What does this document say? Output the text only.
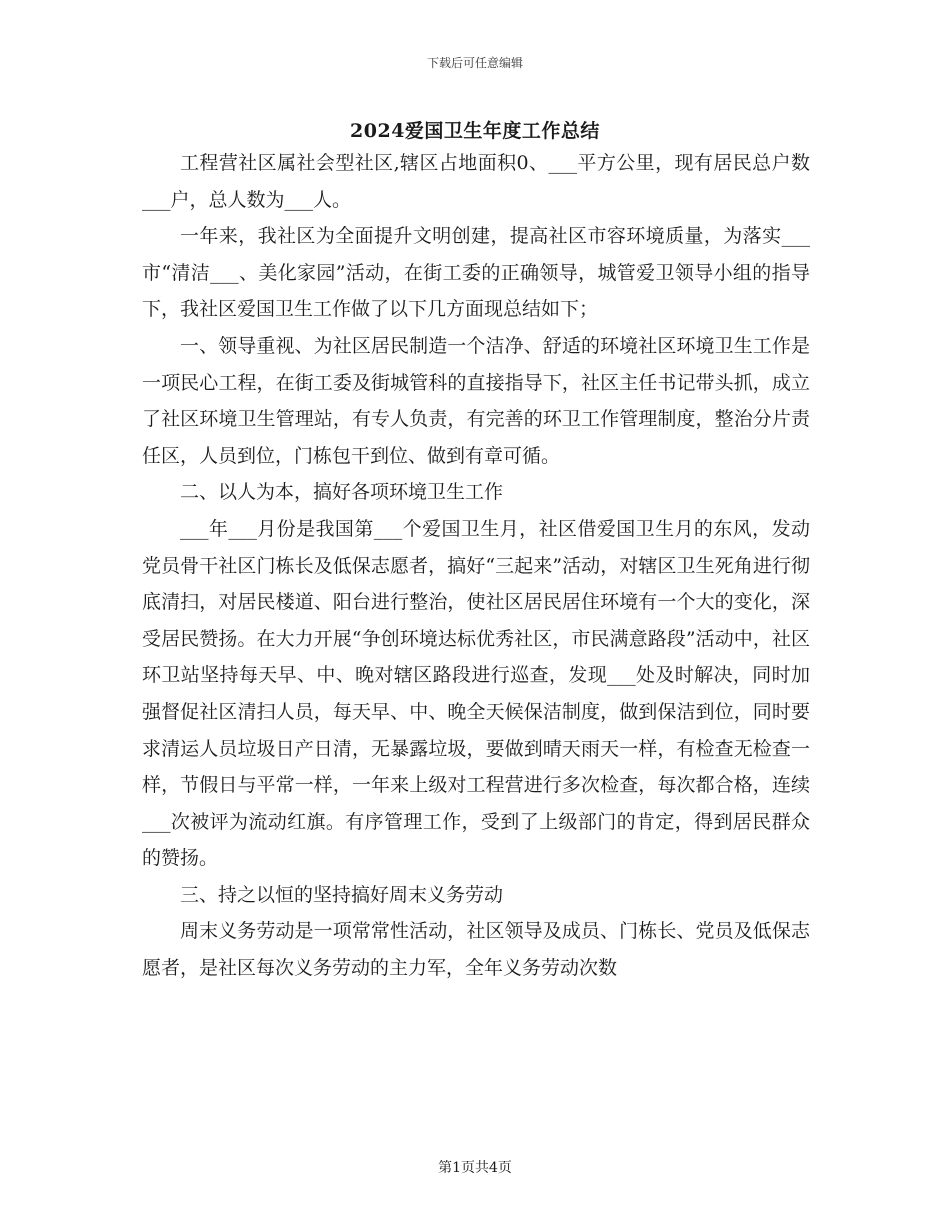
下载后可任意编辑
2024爱国卫生年度工作总结

工程营社区属社会型社区,辖区占地面积0、___平方公里，现有居民总户数___户，总人数为___人。

一年来，我社区为全面提升文明创建，提高社区市容环境质量，为落实___市“清洁___、美化家园”活动，在街工委的正确领导，城管爱卫领导小组的指导下，我社区爱国卫生工作做了以下几方面现总结如下；

一、领导重视、为社区居民制造一个洁净、舒适的环境社区环境卫生工作是一项民心工程，在街工委及街城管科的直接指导下，社区主任书记带头抓，成立了社区环境卫生管理站，有专人负责，有完善的环卫工作管理制度，整治分片责任区，人员到位，门栋包干到位、做到有章可循。

二、以人为本，搞好各项环境卫生工作

___年___月份是我国第___个爱国卫生月，社区借爱国卫生月的东风，发动党员骨干社区门栋长及低保志愿者，搞好“三起来”活动，对辖区卫生死角进行彻底清扫，对居民楼道、阳台进行整治，使社区居民居住环境有一个大的变化，深受居民赞扬。在大力开展“争创环境达标优秀社区，市民满意路段”活动中，社区环卫站坚持每天早、中、晚对辖区路段进行巡查，发现___处及时解决，同时加强督促社区清扫人员，每天早、中、晚全天候保洁制度，做到保洁到位，同时要求清运人员垃圾日产日清，无暴露垃圾，要做到晴天雨天一样，有检查无检查一样，节假日与平常一样，一年来上级对工程营进行多次检查，每次都合格，连续___次被评为流动红旗。有序管理工作，受到了上级部门的肯定，得到居民群众的赞扬。

三、持之以恒的坚持搞好周末义务劳动

周末义务劳动是一项常常性活动，社区领导及成员、门栋长、党员及低保志愿者，是社区每次义务劳动的主力军，全年义务劳动次数

第1页共4页
